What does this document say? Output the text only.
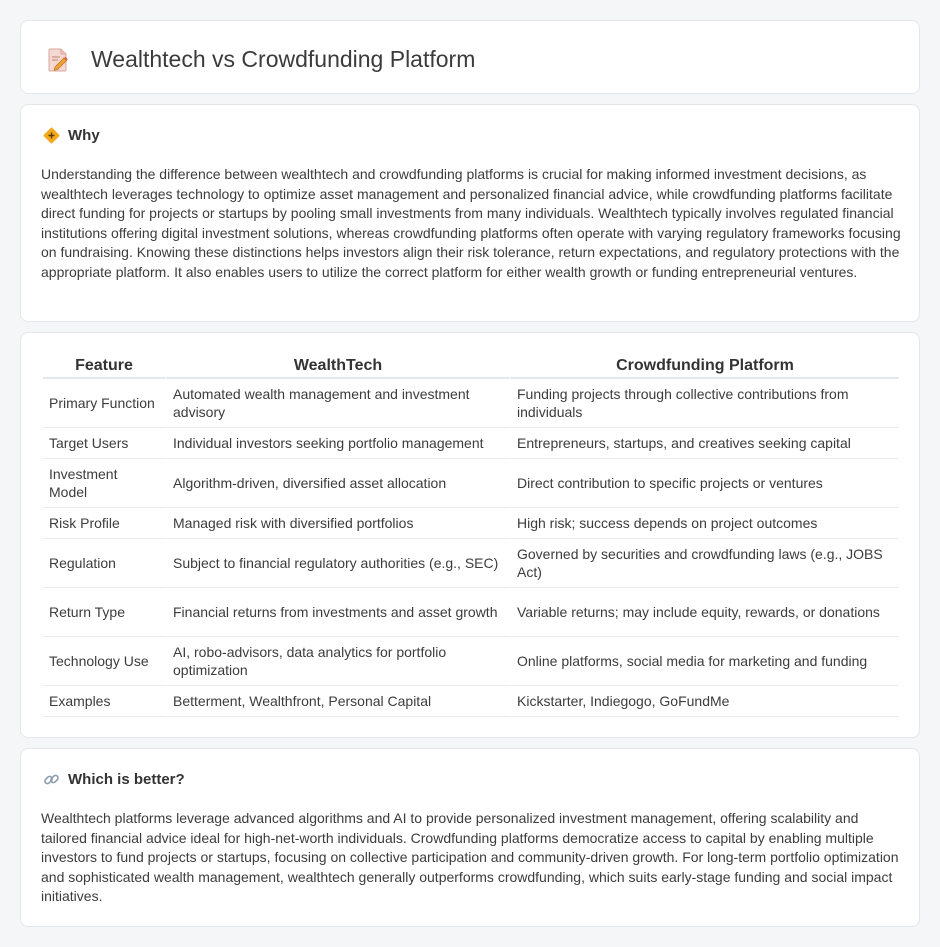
Wealthtech vs Crowdfunding Platform
Why

Understanding the difference between wealthtech and crowdfunding platforms is crucial for making informed investment decisions, as wealthtech leverages technology to optimize asset management and personalized financial advice, while crowdfunding platforms facilitate direct funding for projects or startups by pooling small investments from many individuals. Wealthtech typically involves regulated financial institutions offering digital investment solutions, whereas crowdfunding platforms often operate with varying regulatory frameworks focusing on fundraising. Knowing these distinctions helps investors align their risk tolerance, return expectations, and regulatory protections with the appropriate platform. It also enables users to utilize the correct platform for either wealth growth or funding entrepreneurial ventures.

Feature	WealthTech	Crowdfunding Platform
Primary Function	Automated wealth management and investment advisory	Funding projects through collective contributions from individuals
Target Users	Individual investors seeking portfolio management	Entrepreneurs, startups, and creatives seeking capital
Investment Model	Algorithm-driven, diversified asset allocation	Direct contribution to specific projects or ventures
Risk Profile	Managed risk with diversified portfolios	High risk; success depends on project outcomes
Regulation	Subject to financial regulatory authorities (e.g., SEC)	Governed by securities and crowdfunding laws (e.g., JOBS Act)
Return Type	Financial returns from investments and asset growth	Variable returns; may include equity, rewards, or donations
Technology Use	AI, robo-advisors, data analytics for portfolio optimization	Online platforms, social media for marketing and funding
Examples	Betterment, Wealthfront, Personal Capital	Kickstarter, Indiegogo, GoFundMe
Which is better?

Wealthtech platforms leverage advanced algorithms and AI to provide personalized investment management, offering scalability and tailored financial advice ideal for high-net-worth individuals. Crowdfunding platforms democratize access to capital by enabling multiple investors to fund projects or startups, focusing on collective participation and community-driven growth. For long-term portfolio optimization and sophisticated wealth management, wealthtech generally outperforms crowdfunding, which suits early-stage funding and social impact initiatives.
